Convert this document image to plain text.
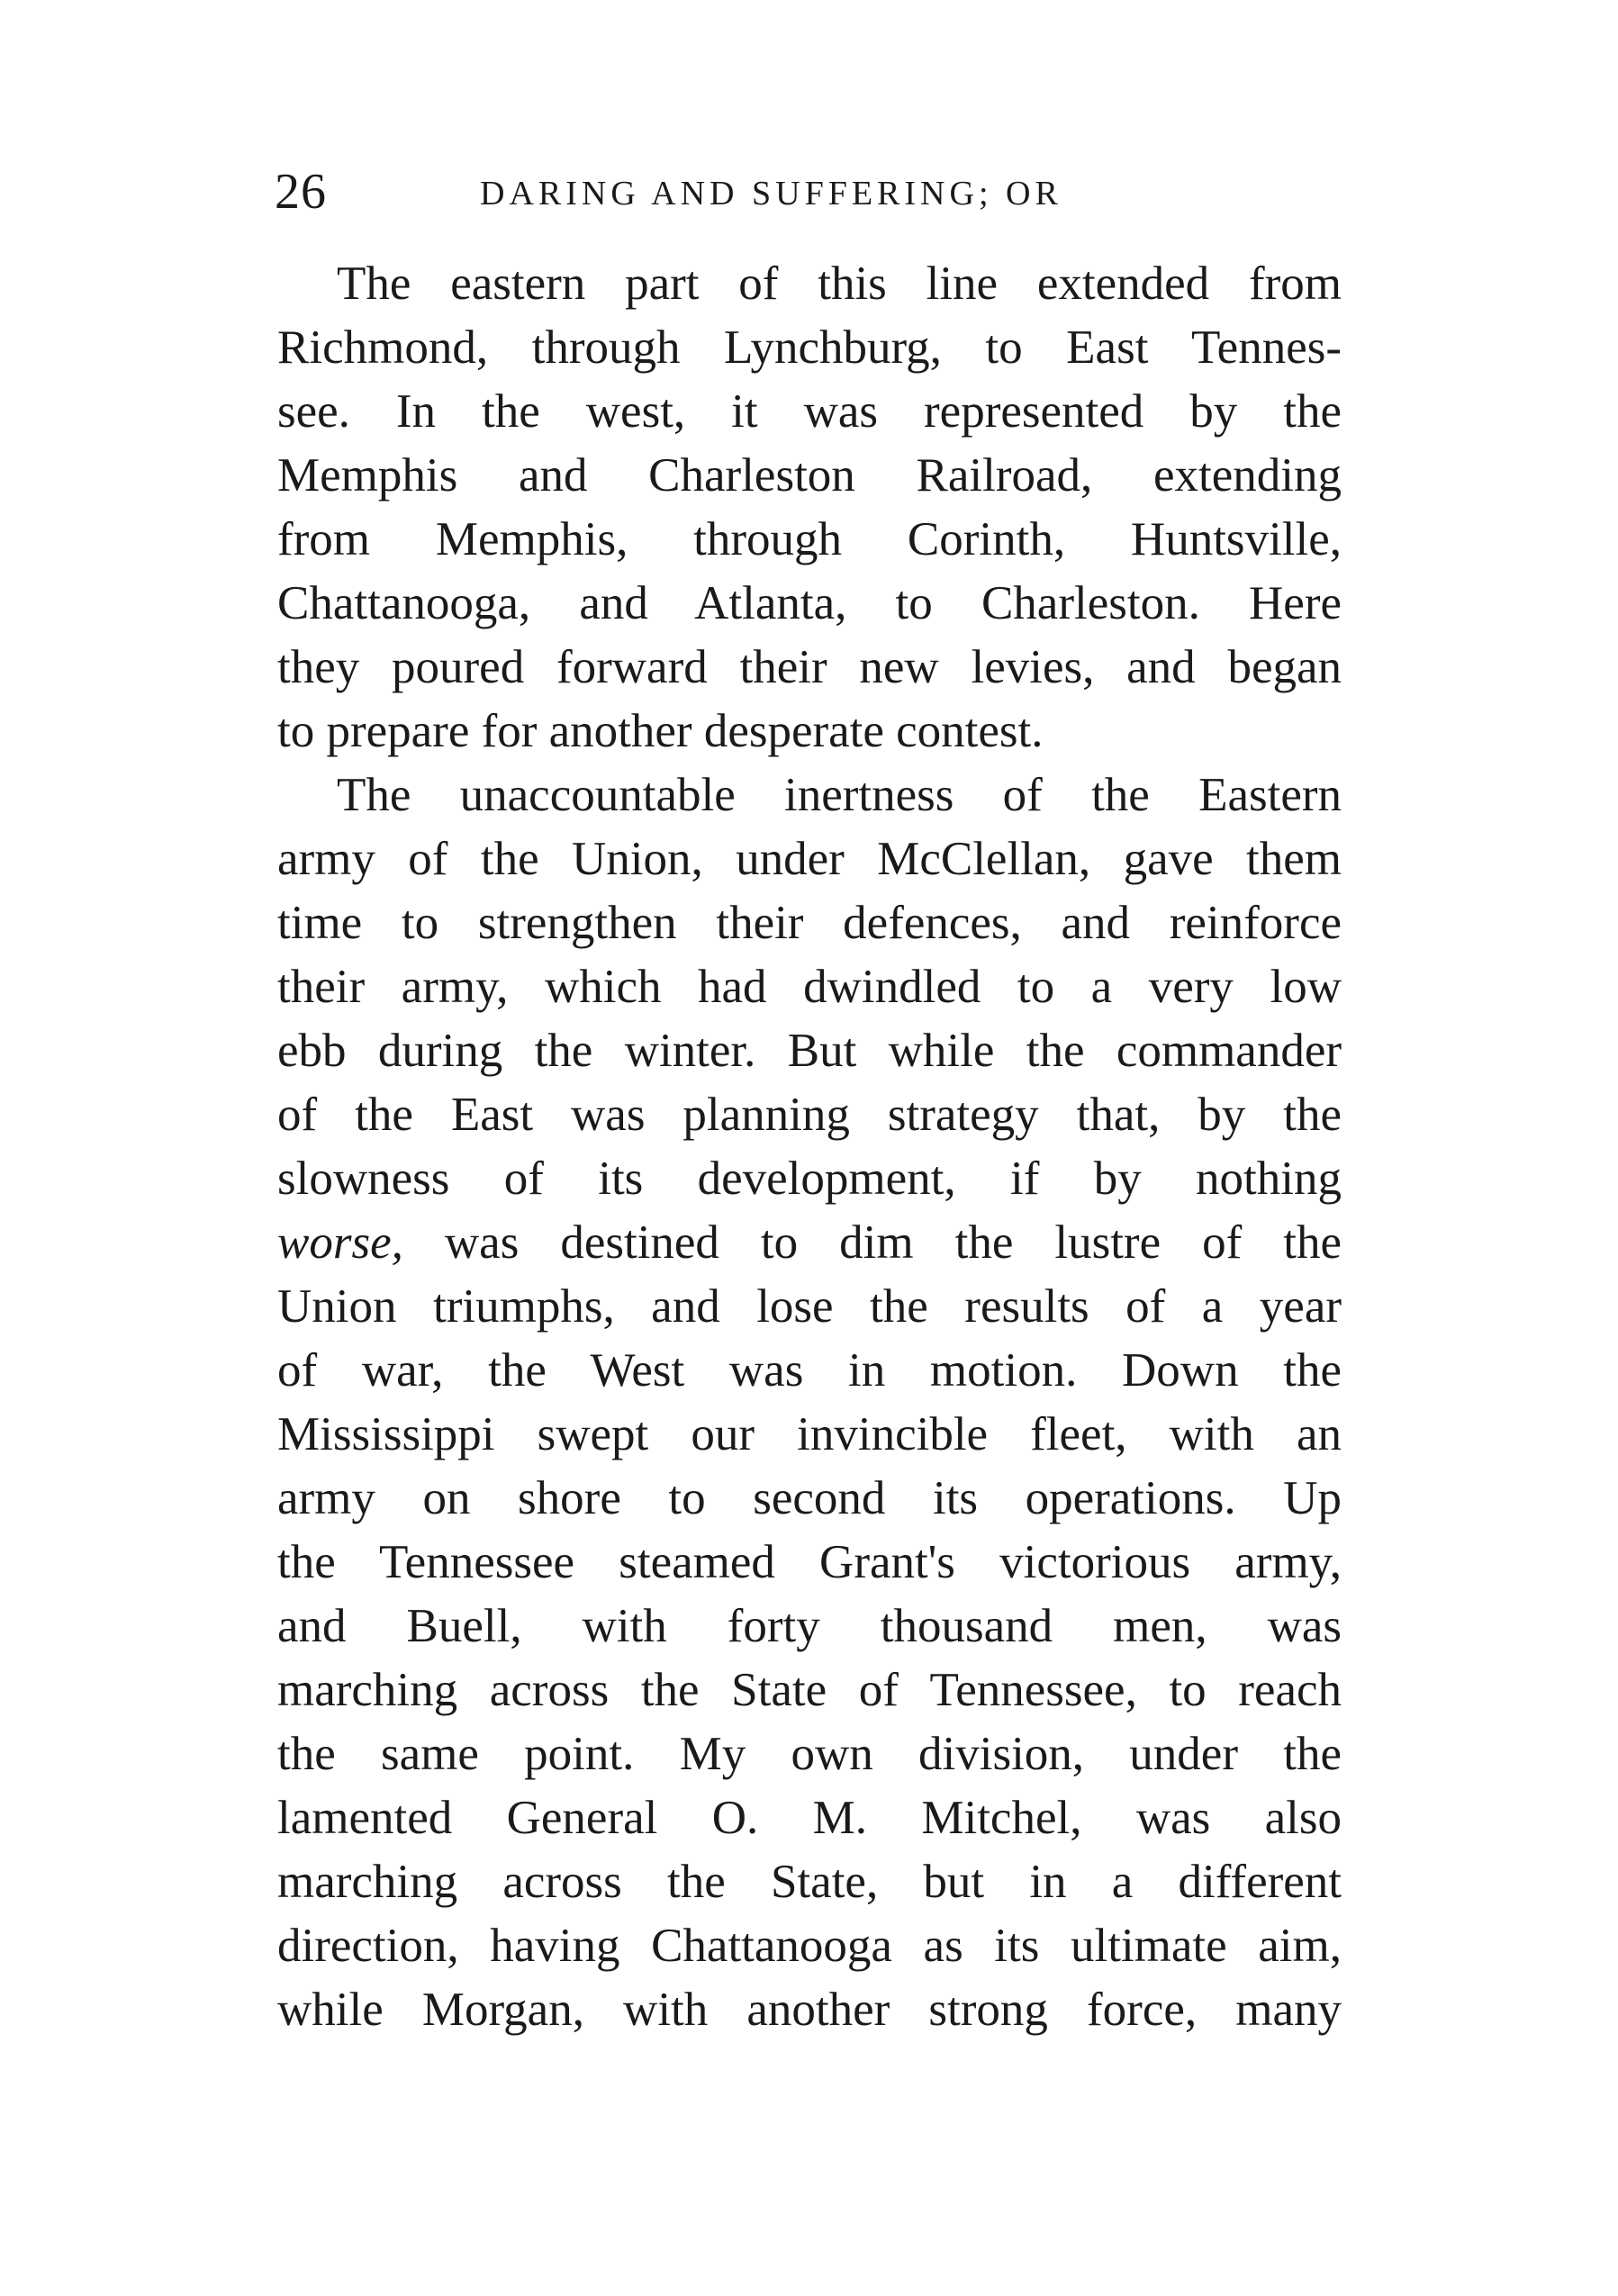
26	DARING AND SUFFERING; OR
The eastern part of this line extended from
Richmond, through Lynchburg, to East Tennes-
see. In the west, it was represented by the
Memphis and Charleston Railroad, extending
from Memphis, through Corinth, Huntsville,
Chattanooga, and Atlanta, to Charleston. Here
they poured forward their new levies, and began
to prepare for another desperate contest.
The unaccountable inertness of the Eastern
army of the Union, under McClellan, gave them
time to strengthen their defences, and reinforce
their army, which had dwindled to a very low
ebb during the winter. But while the commander
of the East was planning strategy that, by the
slowness of its development, if by nothing
worse, was destined to dim the lustre of the
Union triumphs, and lose the results of a year
of war, the West was in motion. Down the
Mississippi swept our invincible fleet, with an
army on shore to second its operations. Up
the Tennessee steamed Grant's victorious army,
and Buell, with forty thousand men, was
marching across the State of Tennessee, to reach
the same point. My own division, under the
lamented General O. M. Mitchel, was also
marching across the State, but in a different
direction, having Chattanooga as its ultimate aim,
while Morgan, with another strong force, many
